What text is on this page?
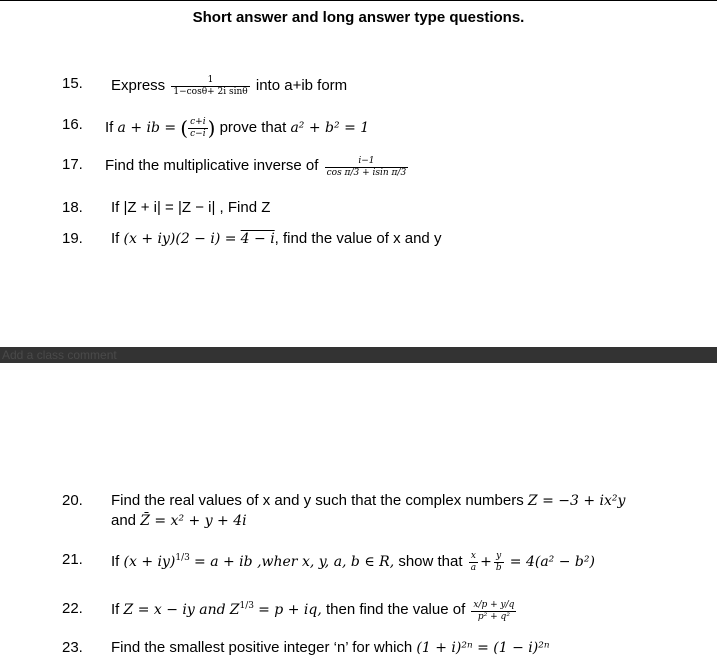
Short answer and long answer type questions.
15. Express $\frac{1}{\text{1−cosθ+ 2i sinθ}}$ into a+ib form
16. If a + ib = ( $\frac{c+i}{c-i}$ ) prove that a² + b² = 1
17. Find the multiplicative inverse of $\frac{i-1}{\text{cos π/3 + isin π/3}}$
18. If |Z + i| = |Z − i| , Find Z
19. If (x + iy)(2 − i) = 4 − i, find the value of x and y
Add a class comment
20. Find the real values of x and y such that the complex numbers Z = −3 + ix²y
and Z̄ = x² + y + 4i
21. If (x + iy)$^{1/3}$ = a + ib ,wher x, y, a, b ∈ R, show that $\frac{x}{a} + \frac{y}{b} = 4(a^2 - b^2)$
22. If Z = x − iy and $Z^{1/3} = p$ + iq, then find the value of $\frac{x/p + y/q}{\text{p² + q²}}$
23. Find the smallest positive integer ‘n’ for which (1 + i)²ⁿ = (1 − i)²ⁿ
